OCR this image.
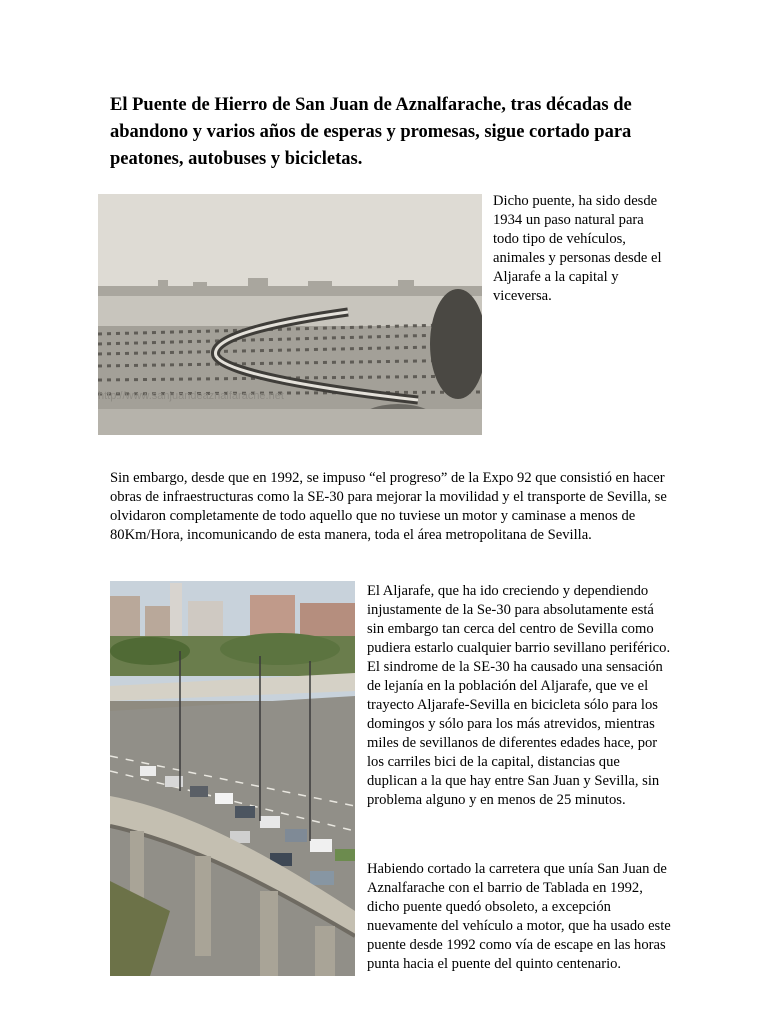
El Puente de Hierro de San Juan de Aznalfarache, tras décadas de abandono y varios años de esperas y promesas, sigue cortado para peatones, autobuses y bicicletas.
http://www.sanjuandeaznalfarache.net

Dicho puente, ha sido desde 1934 un paso natural para todo tipo de vehículos, animales y personas desde el Aljarafe a la capital y viceversa.

Sin embargo, desde que en 1992, se impuso “el progreso” de la Expo 92 que consistió en hacer obras de infraestructuras como la SE-30 para mejorar la movilidad y el transporte de Sevilla, se olvidaron completamente de todo aquello que no tuviese un motor y caminase a menos de 80Km/Hora, incomunicando de esta manera, toda el área metropolitana de Sevilla.

El Aljarafe, que ha ido creciendo y dependiendo injustamente de la Se-30 para absolutamente está sin embargo tan cerca del centro de Sevilla como pudiera estarlo cualquier barrio sevillano periférico. El sindrome de la SE-30 ha causado una sensación de lejanía en la población del Aljarafe, que ve el trayecto Aljarafe-Sevilla en bicicleta sólo para los domingos y sólo para los más atrevidos, mientras miles de sevillanos de diferentes edades hace, por los carriles bici de la capital, distancias que duplican a la que hay entre San Juan y Sevilla, sin problema alguno y en menos de 25 minutos.

Habiendo cortado la carretera que unía San Juan de Aznalfarache con el barrio de Tablada en 1992, dicho puente quedó obsoleto, a excepción nuevamente del vehículo a motor, que ha usado este puente desde 1992 como vía de escape en las horas punta hacia el puente del quinto centenario.
